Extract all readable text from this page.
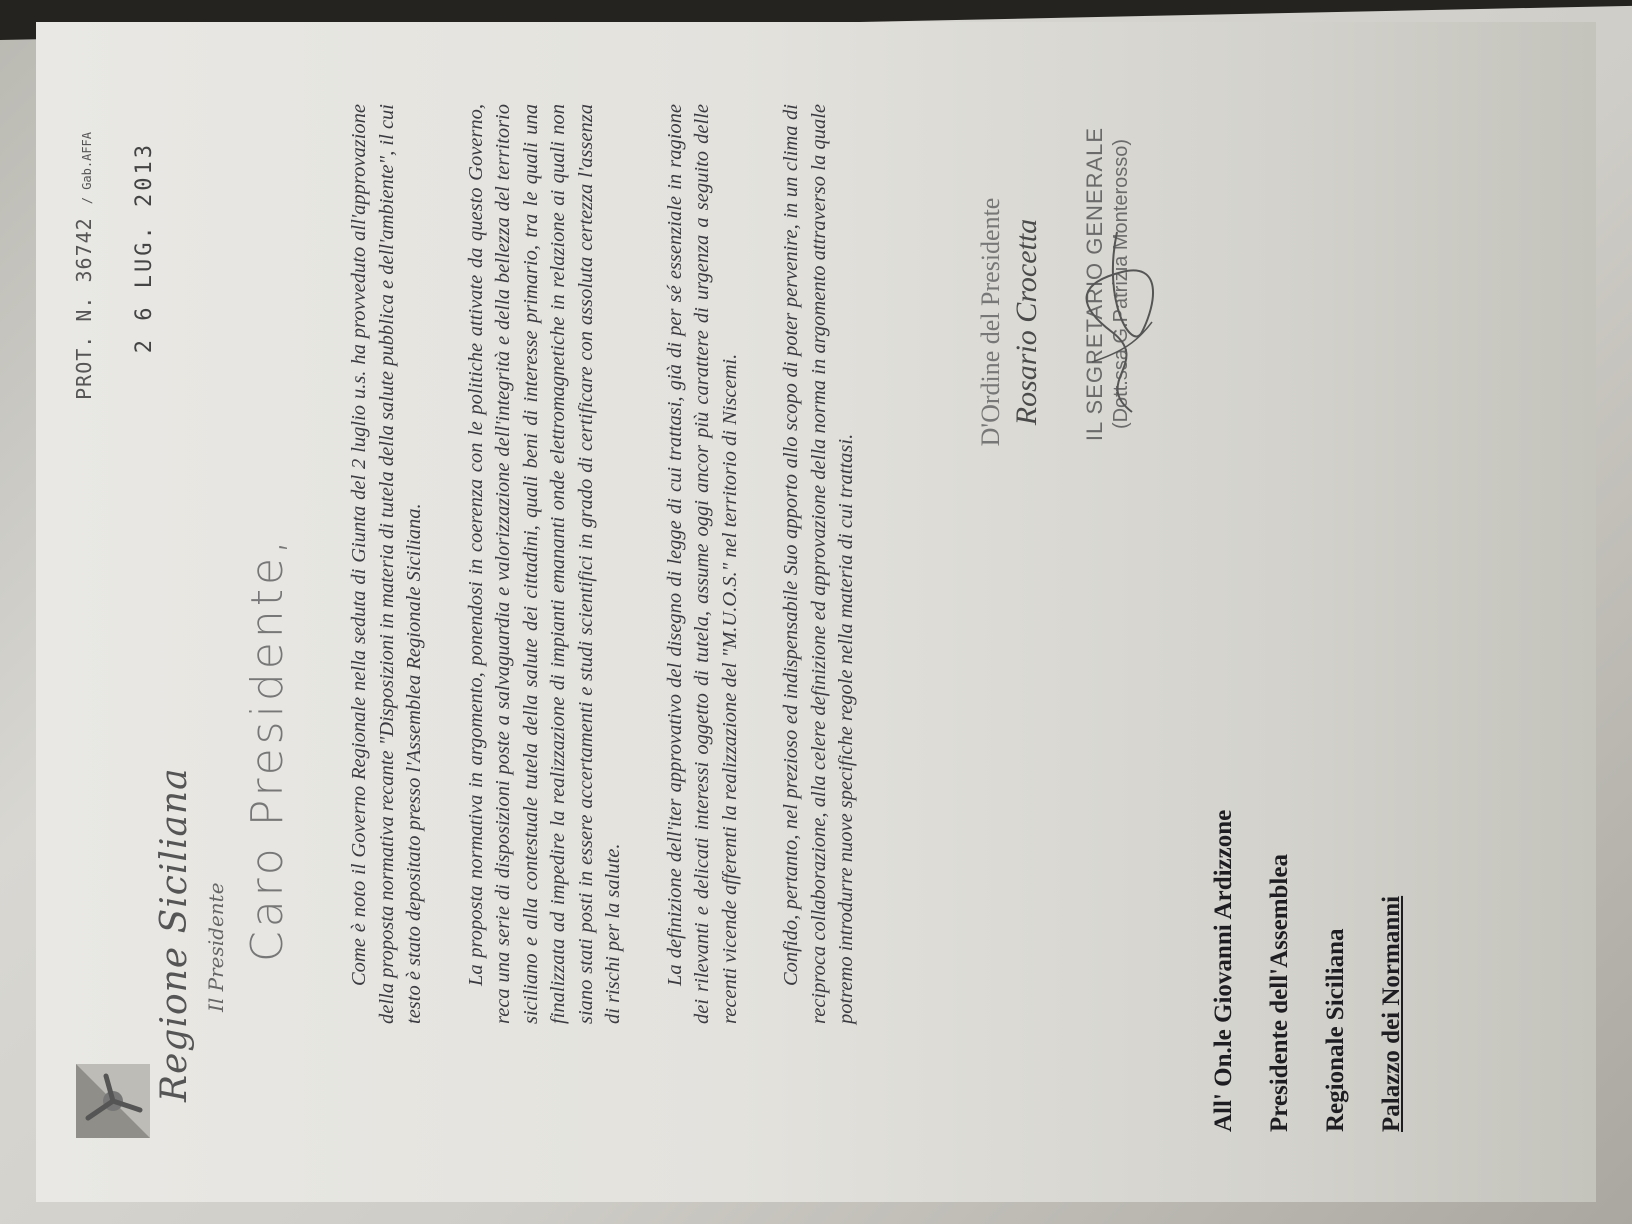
Regione Siciliana Il Presidente
PROT. N. 36742 / Gab.AFFA 2 6 LUG. 2013
Caro Presidente,	Come è noto il Governo Regionale nella seduta di Giunta del 2 luglio u.s. ha provveduto all'approvazione della proposta normativa recante "Disposizioni in materia di tutela della salute pubblica e dell'ambiente", il cui testo è stato depositato presso l'Assemblea Regionale Siciliana. La proposta normativa in argomento, ponendosi in coerenza con le politiche attivate da questo Governo, reca una serie di disposizioni poste a salvaguardia e valorizzazione dell'integrità e della bellezza del territorio siciliano e alla contestuale tutela della salute dei cittadini, quali beni di interesse primario, tra le quali una finalizzata ad impedire la realizzazione di impianti emananti onde elettromagnetiche in relazione ai quali non siano stati posti in essere accertamenti e studi scientifici in grado di certificare con assoluta certezza l'assenza di rischi per la salute. La definizione dell'iter approvativo del disegno di legge di cui trattasi, già di per sé essenziale in ragione dei rilevanti e delicati interessi oggetto di tutela, assume oggi ancor più carattere di urgenza a seguito delle recenti vicende afferenti la realizzazione del "M.U.O.S." nel territorio di Niscemi. Confido, pertanto, nel prezioso ed indispensabile Suo apporto allo scopo di poter pervenire, in un clima di reciproca collaborazione, alla celere definizione ed approvazione della norma in argomento attraverso la quale potremo introdurre nuove specifiche regole nella materia di cui trattasi.

D'Ordine del Presidente Rosario Crocetta IL SEGRETARIO GENERALE (Dott.ssa G.Patrizia Monterosso)
All' On.le Giovanni Ardizzone	Presidente dell'Assemblea	Regionale Siciliana	Palazzo dei Normanni
